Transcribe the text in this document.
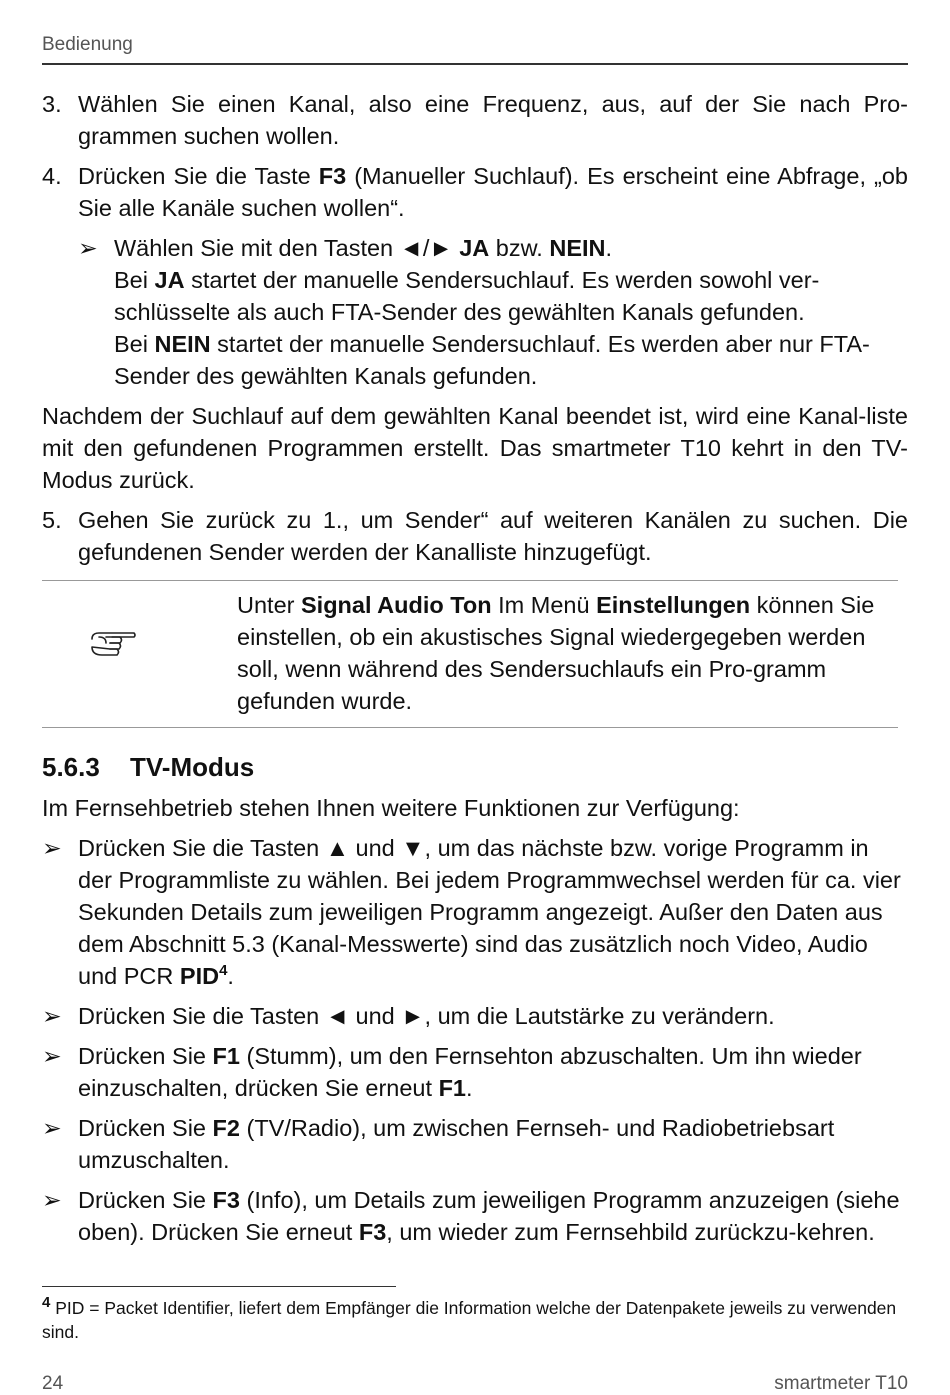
Bedienung
3. Wählen Sie einen Kanal, also eine Frequenz, aus, auf der Sie nach Pro-grammen suchen wollen.
4. Drücken Sie die Taste F3 (Manueller Suchlauf). Es erscheint eine Abfrage, „ob Sie alle Kanäle suchen wollen“.
➢ Wählen Sie mit den Tasten ◄/► JA bzw. NEIN.
Bei JA startet der manuelle Sendersuchlauf. Es werden sowohl ver-schlüsselte als auch FTA-Sender des gewählten Kanals gefunden.
Bei NEIN startet der manuelle Sendersuchlauf. Es werden aber nur FTA-Sender des gewählten Kanals gefunden.

Nachdem der Suchlauf auf dem gewählten Kanal beendet ist, wird eine Kanal-liste mit den gefundenen Programmen erstellt. Das smartmeter T10 kehrt in den TV-Modus zurück.

5. Gehen Sie zurück zu 1., um Sender“ auf weiteren Kanälen zu suchen. Die gefundenen Sender werden der Kanalliste hinzugefügt.
Unter Signal Audio Ton Im Menü Einstellungen können Sie einstellen, ob ein akustisches Signal wiedergegeben werden soll, wenn während des Sendersuchlaufs ein Pro-gramm gefunden wurde.
5.6.3 TV-Modus

Im Fernsehbetrieb stehen Ihnen weitere Funktionen zur Verfügung:

➢ Drücken Sie die Tasten ▲ und ▼, um das nächste bzw. vorige Programm in der Programmliste zu wählen. Bei jedem Programmwechsel werden für ca. vier Sekunden Details zum jeweiligen Programm angezeigt. Außer den Daten aus dem Abschnitt 5.3 (Kanal-Messwerte) sind das zusätzlich noch Video, Audio und PCR PID$^4$.
➢ Drücken Sie die Tasten ◄ und ►, um die Lautstärke zu verändern.
➢ Drücken Sie F1 (Stumm), um den Fernsehton abzuschalten. Um ihn wieder einzuschalten, drücken Sie erneut F1.
➢ Drücken Sie F2 (TV/Radio), um zwischen Fernseh- und Radiobetriebsart umzuschalten.
➢ Drücken Sie F3 (Info), um Details zum jeweiligen Programm anzuzeigen (siehe oben). Drücken Sie erneut F3, um wieder zum Fernsehbild zurückzu-kehren.
$^4$ PID = Packet Identifier, liefert dem Empfänger die Information welche der Datenpakete jeweils zu verwenden sind.
24	smartmeter T10
